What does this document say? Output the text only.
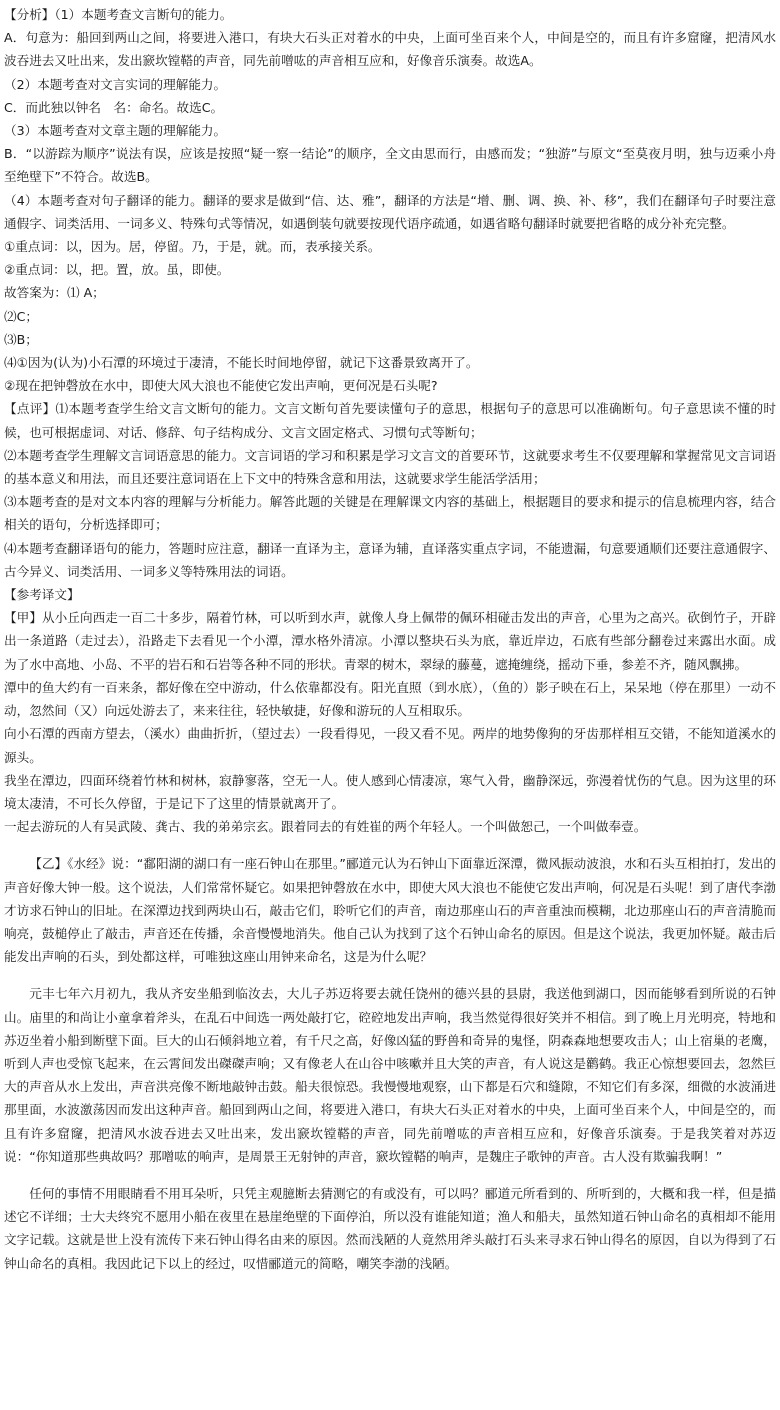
【分析】（1）本题考查文言断句的能力。

A．句意为：船回到两山之间，将要进入港口，有块大石头正对着水的中央，上面可坐百来个人，中间是空的，而且有许多窟窿，把清风水波吞进去又吐出来，发出窾坎镗鞳的声音，同先前噌吰的声音相互应和，好像音乐演奏。故选A。

（2）本题考查对文言实词的理解能力。

C．而此独以钟名　名：命名。故选C。

（3）本题考查对文章主题的理解能力。

B．“以游踪为顺序”说法有误，应该是按照“疑一察一结论”的顺序，全文由思而行，由感而发；“独游”与原文“至莫夜月明，独与迈乘小舟至绝壁下”不符合。故选B。

（4）本题考查对句子翻译的能力。翻译的要求是做到“信、达、雅”，翻译的方法是“增、删、调、换、补、移”，我们在翻译句子时要注意通假字、词类活用、一词多义、特殊句式等情况，如遇倒装句就要按现代语序疏通，如遇省略句翻译时就要把省略的成分补充完整。

①重点词：以，因为。居，停留。乃，于是，就。而，表承接关系。

②重点词：以，把。置，放。虽，即使。

故答案为：⑴ A；

⑵C；

⑶B；

⑷①因为(认为)小石潭的环境过于凄清，不能长时间地停留，就记下这番景致离开了。

②现在把钟磬放在水中，即使大风大浪也不能使它发出声响，更何况是石头呢?

【点评】⑴本题考查学生给文言文断句的能力。文言文断句首先要读懂句子的意思，根据句子的意思可以准确断句。句子意思读不懂的时候，也可根据虚词、对话、修辞、句子结构成分、文言文固定格式、习惯句式等断句；

⑵本题考查学生理解文言词语意思的能力。文言词语的学习和积累是学习文言文的首要环节，这就要求考生不仅要理解和掌握常见文言词语的基本意义和用法，而且还要注意词语在上下文中的特殊含意和用法，这就要求学生能活学活用；

⑶本题考查的是对文本内容的理解与分析能力。解答此题的关键是在理解课文内容的基础上，根据题目的要求和提示的信息梳理内容，结合相关的语句，分析选择即可；

⑷本题考查翻译语句的能力，答题时应注意，翻译一直译为主，意译为辅，直译落实重点字词，不能遗漏，句意要通顺们还要注意通假字、古今异义、词类活用、一词多义等特殊用法的词语。

【参考译文】

【甲】从小丘向西走一百二十多步，隔着竹林，可以听到水声，就像人身上佩带的佩环相碰击发出的声音，心里为之高兴。砍倒竹子，开辟出一条道路（走过去），沿路走下去看见一个小潭，潭水格外清凉。小潭以整块石头为底，靠近岸边，石底有些部分翻卷过来露出水面。成为了水中高地、小岛、不平的岩石和石岩等各种不同的形状。青翠的树木，翠绿的藤蔓，遮掩缠绕，摇动下垂，参差不齐，随风飘拂。

潭中的鱼大约有一百来条，都好像在空中游动，什么依靠都没有。阳光直照（到水底），（鱼的）影子映在石上，呆呆地（停在那里）一动不动，忽然间（又）向远处游去了，来来往往，轻快敏捷，好像和游玩的人互相取乐。

向小石潭的西南方望去，（溪水）曲曲折折，（望过去）一段看得见，一段又看不见。两岸的地势像狗的牙齿那样相互交错，不能知道溪水的源头。

我坐在潭边，四面环绕着竹林和树林，寂静寥落，空无一人。使人感到心情凄凉，寒气入骨，幽静深远，弥漫着忧伤的气息。因为这里的环境太凄清，不可长久停留，于是记下了这里的情景就离开了。

一起去游玩的人有吴武陵、龚古、我的弟弟宗玄。跟着同去的有姓崔的两个年轻人。一个叫做恕己，一个叫做奉壹。

【乙】《水经》说：“鄱阳湖的湖口有一座石钟山在那里。”郦道元认为石钟山下面靠近深潭，微风振动波浪，水和石头互相拍打，发出的声音好像大钟一般。这个说法，人们常常怀疑它。如果把钟磬放在水中，即使大风大浪也不能使它发出声响，何况是石头呢！到了唐代李渤才访求石钟山的旧址。在深潭边找到两块山石，敲击它们，聆听它们的声音，南边那座山石的声音重浊而模糊，北边那座山石的声音清脆而响亮，鼓槌停止了敲击，声音还在传播，余音慢慢地消失。他自己认为找到了这个石钟山命名的原因。但是这个说法，我更加怀疑。敲击后能发出声响的石头，到处都这样，可唯独这座山用钟来命名，这是为什么呢？

元丰七年六月初九，我从齐安坐船到临汝去，大儿子苏迈将要去就任饶州的德兴县的县尉，我送他到湖口，因而能够看到所说的石钟山。庙里的和尚让小童拿着斧头，在乱石中间选一两处敲打它，硿硿地发出声响，我当然觉得很好笑并不相信。到了晚上月光明亮，特地和苏迈坐着小船到断壁下面。巨大的山石倾斜地立着，有千尺之高，好像凶猛的野兽和奇异的鬼怪，阴森森地想要攻击人；山上宿巢的老鹰，听到人声也受惊飞起来，在云霄间发出磔磔声响；又有像老人在山谷中咳嗽并且大笑的声音，有人说这是鹳鹤。我正心惊想要回去，忽然巨大的声音从水上发出，声音洪亮像不断地敲钟击鼓。船夫很惊恐。我慢慢地观察，山下都是石穴和缝隙，不知它们有多深，细微的水波涌进那里面，水波激荡因而发出这种声音。船回到两山之间，将要进入港口，有块大石头正对着水的中央，上面可坐百来个人，中间是空的，而且有许多窟窿，把清风水波吞进去又吐出来，发出窾坎镗鞳的声音，同先前噌吰的声音相互应和，好像音乐演奏。于是我笑着对苏迈说：“你知道那些典故吗？那噌吰的响声，是周景王无射钟的声音，窾坎镗鞳的响声，是魏庄子歌钟的声音。古人没有欺骗我啊！”

任何的事情不用眼睛看不用耳朵听，只凭主观臆断去猜测它的有或没有，可以吗？郦道元所看到的、所听到的，大概和我一样，但是描述它不详细；士大夫终究不愿用小船在夜里在悬崖绝壁的下面停泊，所以没有谁能知道；渔人和船夫，虽然知道石钟山命名的真相却不能用文字记载。这就是世上没有流传下来石钟山得名由来的原因。然而浅陋的人竟然用斧头敲打石头来寻求石钟山得名的原因，自以为得到了石钟山命名的真相。我因此记下以上的经过，叹惜郦道元的简略，嘲笑李渤的浅陋。
